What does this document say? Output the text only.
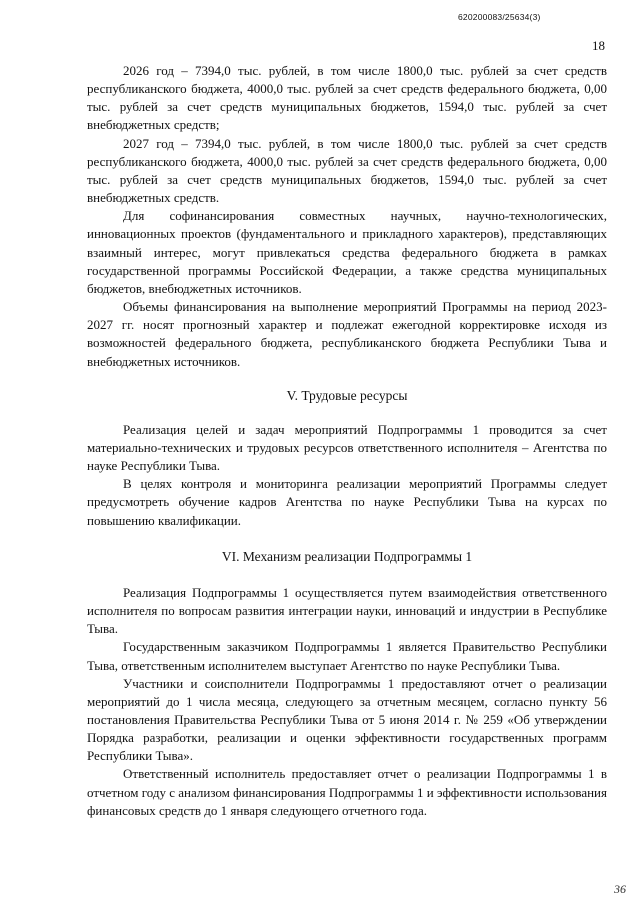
620200083/25634(3)
18

2026 год – 7394,0 тыс. рублей, в том числе 1800,0 тыс. рублей за счет средств республиканского бюджета, 4000,0 тыс. рублей за счет средств федерального бюджета, 0,00 тыс. рублей за счет средств муниципальных бюджетов, 1594,0 тыс. рублей за счет внебюджетных средств;

2027 год – 7394,0 тыс. рублей, в том числе 1800,0 тыс. рублей за счет средств республиканского бюджета, 4000,0 тыс. рублей за счет средств федерального бюджета, 0,00 тыс. рублей за счет средств муниципальных бюджетов, 1594,0 тыс. рублей за счет внебюджетных средств.

Для софинансирования совместных научных, научно-технологических, инновационных проектов (фундаментального и прикладного характеров), представляющих взаимный интерес, могут привлекаться средства федерального бюджета в рамках государственной программы Российской Федерации, а также средства муниципальных бюджетов, внебюджетных источников.

Объемы финансирования на выполнение мероприятий Программы на период 2023-2027 гг. носят прогнозный характер и подлежат ежегодной корректировке исходя из возможностей федерального бюджета, республиканского бюджета Республики Тыва и внебюджетных источников.

V. Трудовые ресурсы

Реализация целей и задач мероприятий Подпрограммы 1 проводится за счет материально-технических и трудовых ресурсов ответственного исполнителя – Агентства по науке Республики Тыва.

В целях контроля и мониторинга реализации мероприятий Программы следует предусмотреть обучение кадров Агентства по науке Республики Тыва на курсах по повышению квалификации.

VI. Механизм реализации Подпрограммы 1

Реализация Подпрограммы 1 осуществляется путем взаимодействия ответственного исполнителя по вопросам развития интеграции науки, инноваций и индустрии в Республике Тыва.

Государственным заказчиком Подпрограммы 1 является Правительство Республики Тыва, ответственным исполнителем выступает Агентство по науке Республики Тыва.

Участники и соисполнители Подпрограммы 1 предоставляют отчет о реализации мероприятий до 1 числа месяца, следующего за отчетным месяцем, согласно пункту 56 постановления Правительства Республики Тыва от 5 июня 2014 г. № 259 «Об утверждении Порядка разработки, реализации и оценки эффективности государственных программ Республики Тыва».

Ответственный исполнитель предоставляет отчет о реализации Подпрограммы 1 в отчетном году с анализом финансирования Подпрограммы 1 и эффективности использования финансовых средств до 1 января следующего отчетного года.

36
